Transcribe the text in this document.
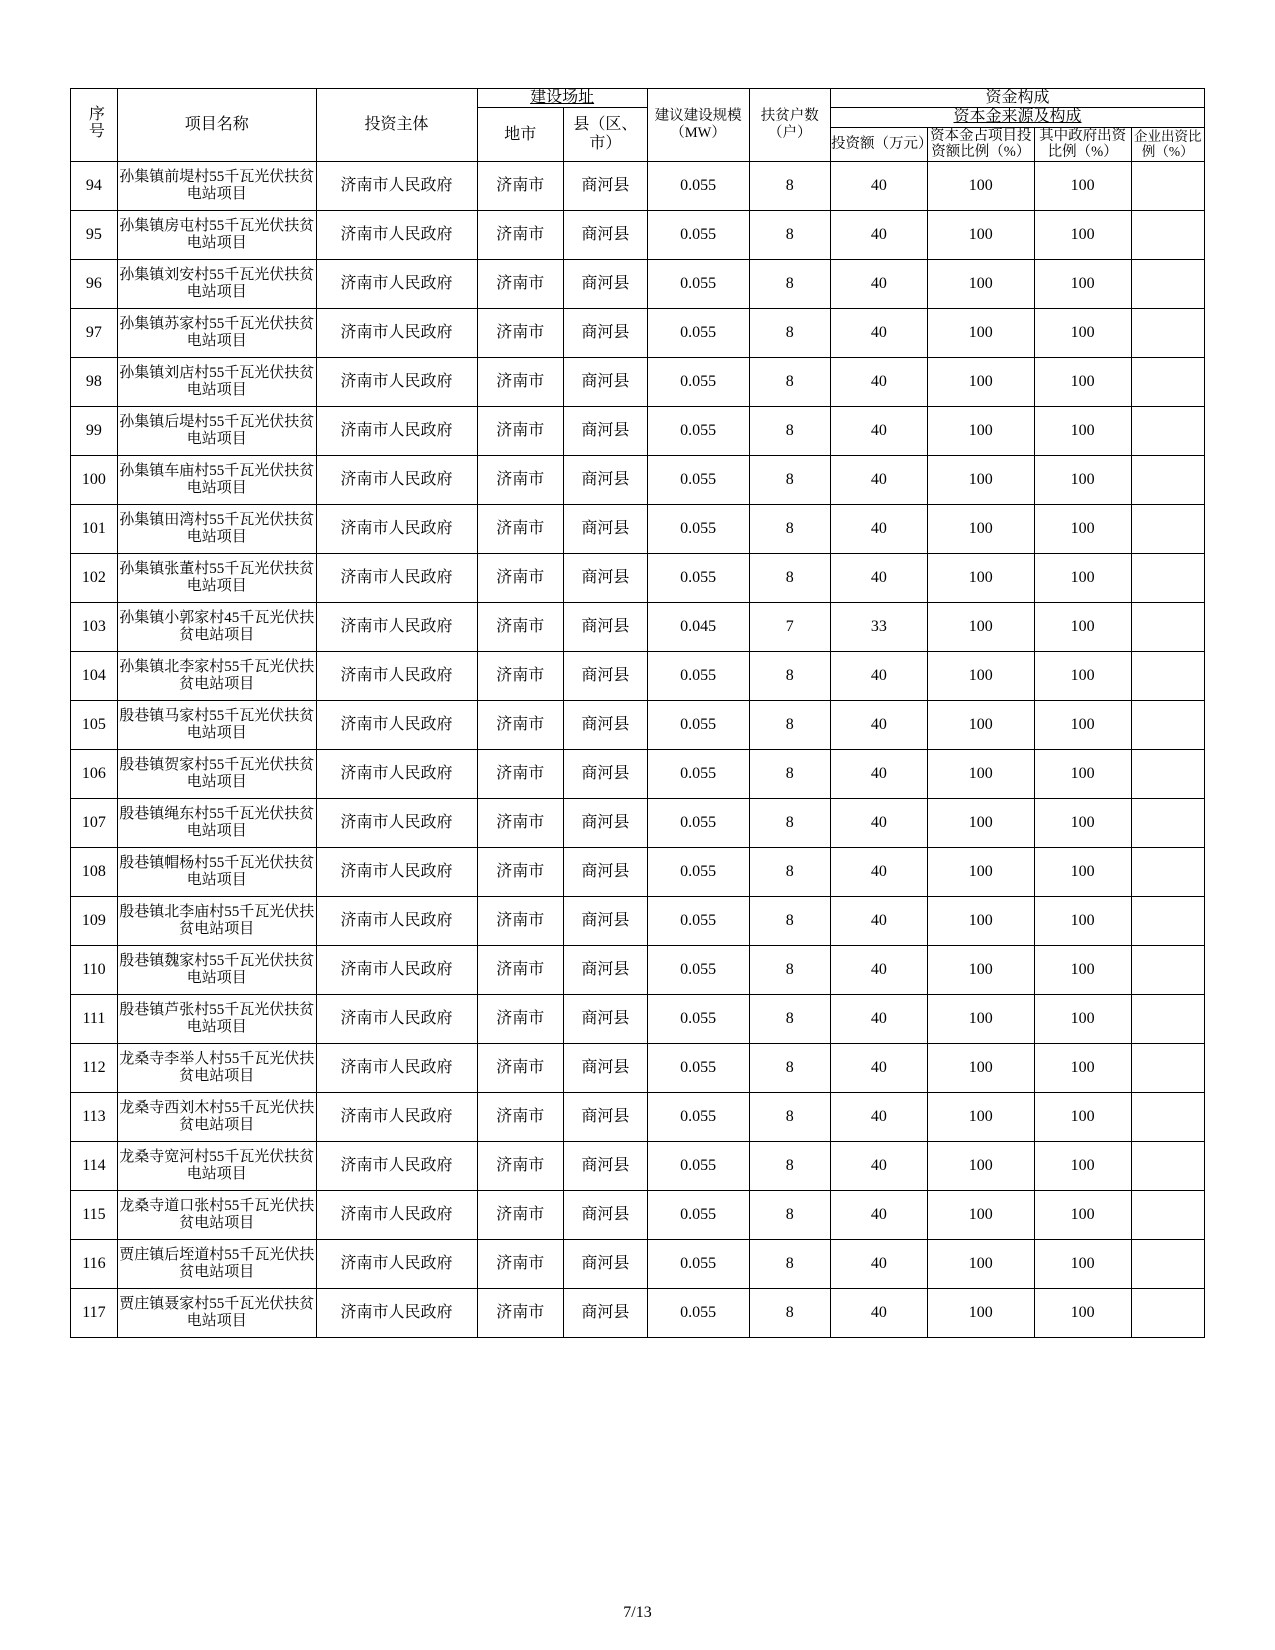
序号	项目名称	投资主体	建设场址		建议建设规模（MW）	扶贫户数（户）	资金构成			
			地市	县（区、市）			资本金来源及构成			
							投资额（万元）	资本金占项目投资额比例（%）	其中政府出资比例（%）	企业出资比例（%）
94	孙集镇前堤村55千瓦光伏扶贫电站项目	济南市人民政府	济南市	商河县	0.055	8	40	100	100	
95	孙集镇房屯村55千瓦光伏扶贫电站项目	济南市人民政府	济南市	商河县	0.055	8	40	100	100	
96	孙集镇刘安村55千瓦光伏扶贫电站项目	济南市人民政府	济南市	商河县	0.055	8	40	100	100	
97	孙集镇苏家村55千瓦光伏扶贫电站项目	济南市人民政府	济南市	商河县	0.055	8	40	100	100	
98	孙集镇刘店村55千瓦光伏扶贫电站项目	济南市人民政府	济南市	商河县	0.055	8	40	100	100	
99	孙集镇后堤村55千瓦光伏扶贫电站项目	济南市人民政府	济南市	商河县	0.055	8	40	100	100	
100	孙集镇车庙村55千瓦光伏扶贫电站项目	济南市人民政府	济南市	商河县	0.055	8	40	100	100	
101	孙集镇田湾村55千瓦光伏扶贫电站项目	济南市人民政府	济南市	商河县	0.055	8	40	100	100	
102	孙集镇张董村55千瓦光伏扶贫电站项目	济南市人民政府	济南市	商河县	0.055	8	40	100	100	
103	孙集镇小郭家村45千瓦光伏扶贫电站项目	济南市人民政府	济南市	商河县	0.045	7	33	100	100	
104	孙集镇北李家村55千瓦光伏扶贫电站项目	济南市人民政府	济南市	商河县	0.055	8	40	100	100	
105	殷巷镇马家村55千瓦光伏扶贫电站项目	济南市人民政府	济南市	商河县	0.055	8	40	100	100	
106	殷巷镇贺家村55千瓦光伏扶贫电站项目	济南市人民政府	济南市	商河县	0.055	8	40	100	100	
107	殷巷镇绳东村55千瓦光伏扶贫电站项目	济南市人民政府	济南市	商河县	0.055	8	40	100	100	
108	殷巷镇帽杨村55千瓦光伏扶贫电站项目	济南市人民政府	济南市	商河县	0.055	8	40	100	100	
109	殷巷镇北李庙村55千瓦光伏扶贫电站项目	济南市人民政府	济南市	商河县	0.055	8	40	100	100	
110	殷巷镇魏家村55千瓦光伏扶贫电站项目	济南市人民政府	济南市	商河县	0.055	8	40	100	100	
111	殷巷镇芦张村55千瓦光伏扶贫电站项目	济南市人民政府	济南市	商河县	0.055	8	40	100	100	
112	龙桑寺李举人村55千瓦光伏扶贫电站项目	济南市人民政府	济南市	商河县	0.055	8	40	100	100	
113	龙桑寺西刘木村55千瓦光伏扶贫电站项目	济南市人民政府	济南市	商河县	0.055	8	40	100	100	
114	龙桑寺宽河村55千瓦光伏扶贫电站项目	济南市人民政府	济南市	商河县	0.055	8	40	100	100	
115	龙桑寺道口张村55千瓦光伏扶贫电站项目	济南市人民政府	济南市	商河县	0.055	8	40	100	100	
116	贾庄镇后垤道村55千瓦光伏扶贫电站项目	济南市人民政府	济南市	商河县	0.055	8	40	100	100	
117	贾庄镇聂家村55千瓦光伏扶贫电站项目	济南市人民政府	济南市	商河县	0.055	8	40	100	100	
7/13
